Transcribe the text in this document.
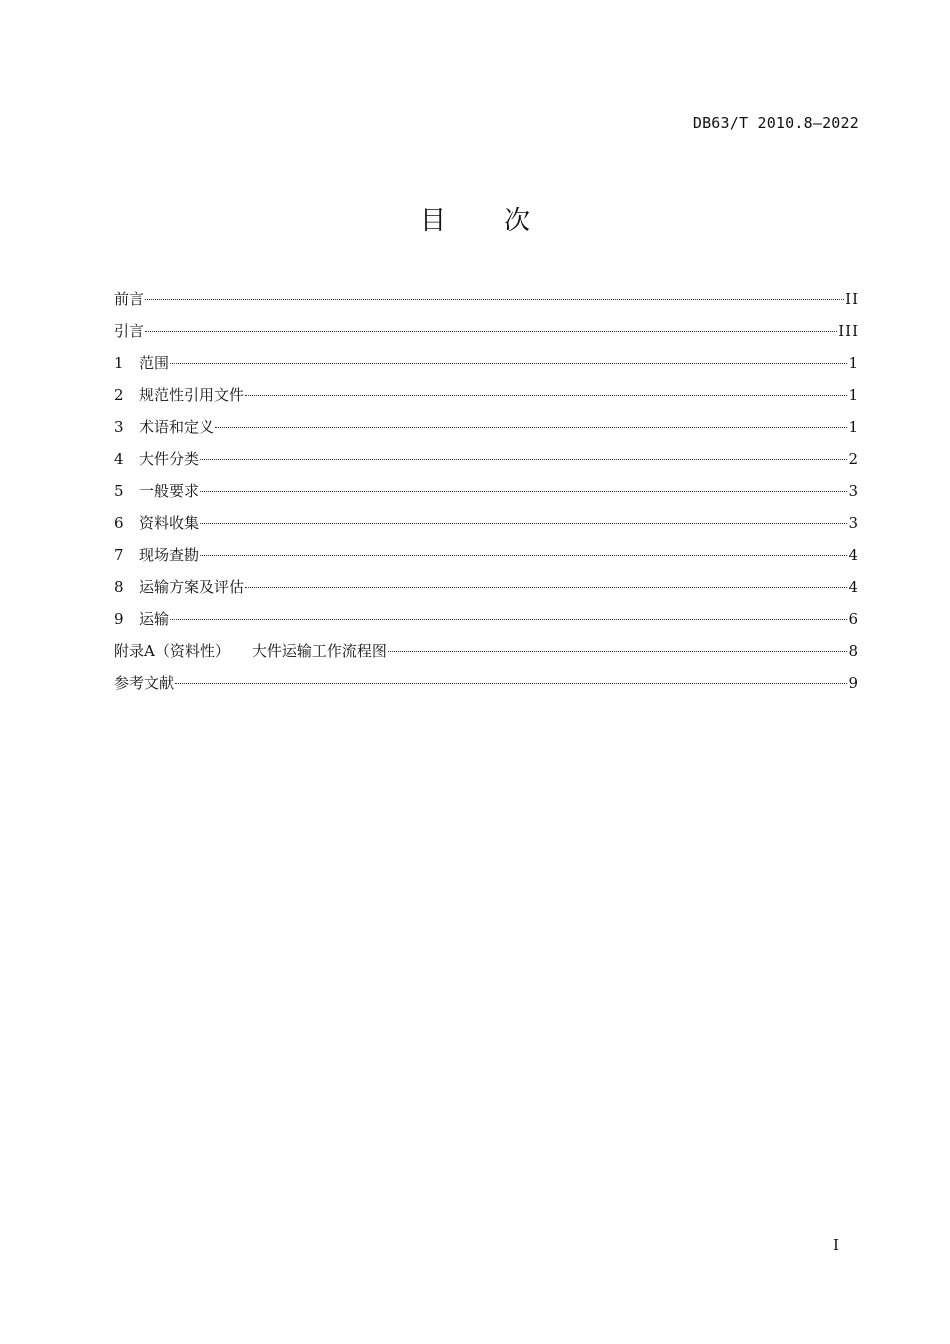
DB63/T 2010.8—2022
目 次
前言	II
引言	III
1	范围	1
2	规范性引用文件	1
3	术语和定义	1
4	大件分类	2
5	一般要求	3
6	资料收集	3
7	现场查勘	4
8	运输方案及评估	4
9	运输	6
附录A（资料性） 大件运输工作流程图	8
参考文献	9
I
